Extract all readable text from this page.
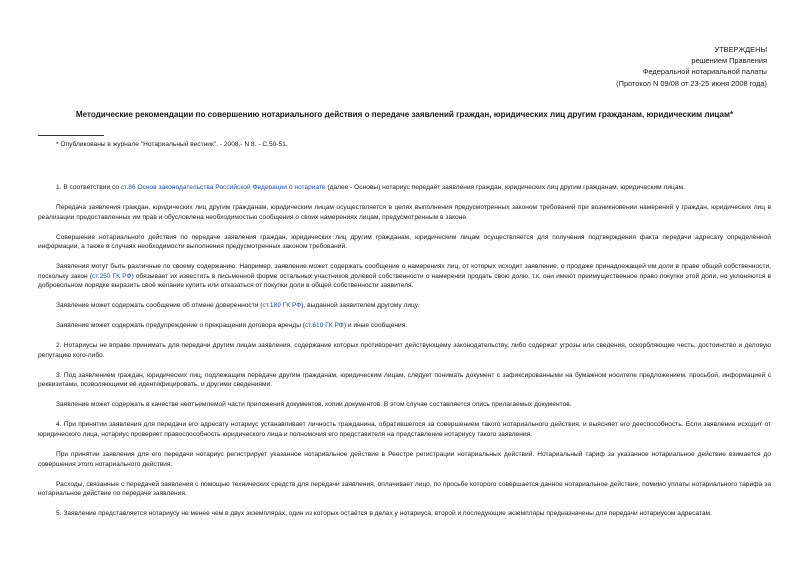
УТВЕРЖДЕНЫ
решением Правления
Федеральной нотариальной палаты
(Протокол N 09/08 от 23-25 июня 2008 года)
Методические рекомендации по совершению нотариального действия о передаче заявлений граждан, юридических лиц другим гражданам, юридическим лицам*
* Опубликованы в журнале "Нотариальный вестник". - 2008.- N 8. - С.50-51.

1. В соответствии со ст.86 Основ законодательства Российской Федерации о нотариате (далее - Основы) нотариус передаёт заявления граждан, юридических лиц другим гражданам, юридическим лицам.

Передача заявления граждан, юридических лиц другим гражданам, юридическим лицам осуществляется в целях выполнения предусмотренных законом требований при возникновении намерений у граждан, юридических лиц в реализации предоставленных им прав и обусловлена необходимостью сообщения о своих намерениях лицам, предусмотренным в законе.

Совершение нотариального действия по передаче заявления граждан, юридических лиц другим гражданам, юридическим лицам осуществляется для получения подтверждения факта передачи адресату определённой информации, а также в случаях необходимости выполнения предусмотренных законом требований.

Заявления могут быть различные по своему содержанию. Например, заявление может содержать сообщение о намерениях лиц, от которых исходит заявление, о продаже принадлежащей им доли в праве общей собственности, поскольку закон (ст.250 ГК РФ) обязывает их известить в письменной форме остальных участников долевой собственности о намерении продать свою долю, т.к. они имеют преимущественное право покупки этой доли, но уклоняются в добровольном порядке выразить своё желание купить или отказаться от покупки доли в общей собственности заявителя.

Заявление может содержать сообщение об отмене доверенности (ст.189 ГК РФ), выданной заявителем другому лицу.

Заявление может содержать предупреждение о прекращении договора аренды (ст.610 ГК РФ) и иные сообщения.

2. Нотариусы не вправе принимать для передачи другим лицам заявления, содержание которых противоречит действующему законодательству, либо содержат угрозы или сведения, оскорбляющие честь, достоинство и деловую репутацию кого-либо.

3. Под заявлением граждан, юридических лиц, подлежащим передаче другим гражданам, юридическим лицам, следует понимать документ с зафиксированными на бумажном носителе предложением, просьбой, информацией с реквизитами, позволяющими её идентифицировать, и другими сведениями.

Заявление может содержать в качестве неотъемлемой части приложения документов, копии документов. В этом случае составляется опись прилагаемых документов.

4. При принятии заявления для передачи его адресату нотариус устанавливает личность гражданина, обратившегося за совершением такого нотариального действия, и выясняет его дееспособность. Если заявление исходит от юридического лица, нотариус проверяет правоспособность юридического лица и полномочия его представителя на представление нотариусу такого заявления.

При принятии заявления для его передачи нотариус регистрирует указанное нотариальное действие в Реестре регистрации нотариальных действий. Нотариальный тариф за указанное нотариальное действие взимается до совершения этого нотариального действия.

Расходы, связанные с передачей заявления с помощью технических средств для передачи заявления, оплачивает лицо, по просьбе которого совершается данное нотариальное действие, помимо уплаты нотариального тарифа за нотариальное действие по передаче заявления.

5. Заявление представляется нотариусу не менее чем в двух экземплярах, один из которых остаётся в делах у нотариуса, второй и последующие экземпляры предназначены для передачи нотариусом адресатам.
